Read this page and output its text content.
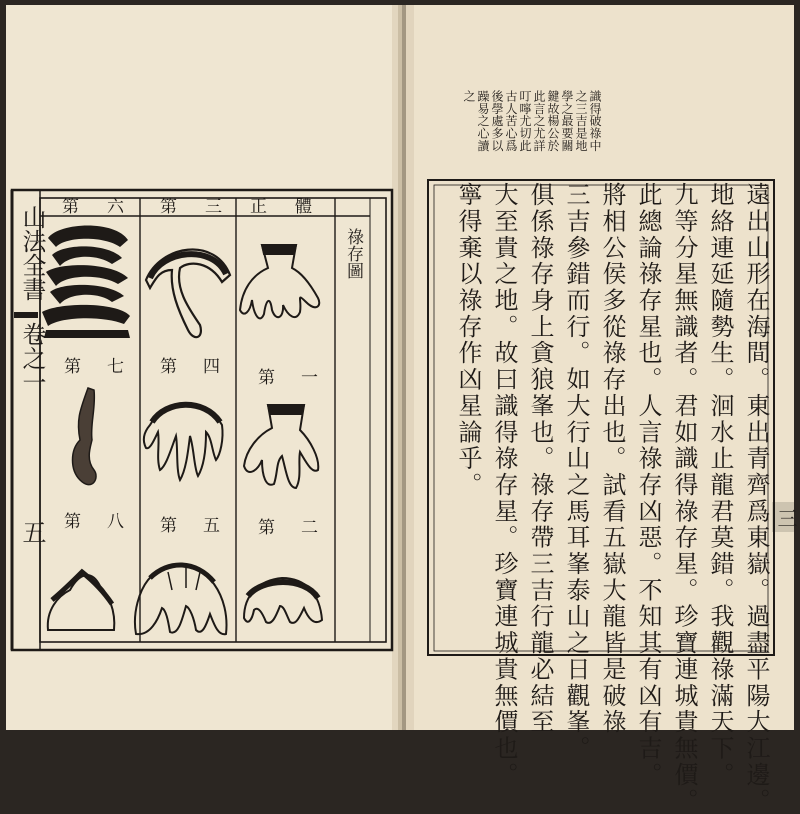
山法全書
卷之一
五
祿存圖
正體
第三
第六
第一
第二
第四
第五
第七
第八
識得破祿中
之三吉是地
學之最要關
鍵故楊公於
此言之尤詳
叮嚀尤切此
古人苦心爲
後學處多以
躁易之心讀
之
遠出山形在海間。東出青齊爲東嶽。過盡平陽大江邊。
地絡連延隨勢生。洄水止龍君莫錯。我觀祿滿天下。
九等分星無識者。君如識得祿存星。珍寶連城貴無價。
此總論祿存星也。人言祿存凶惡。不知其有凶有吉。
將相公侯多從祿存出也。試看五嶽大龍皆是破祿
三吉參錯而行。如大行山之馬耳峯泰山之日觀峯。
俱係祿存身上貪狼峯也。祿存帶三吉行龍必結至
大至貴之地。故曰識得祿存星。珍寶連城貴無價也。
寧得棄以祿存作凶星論乎。
三
